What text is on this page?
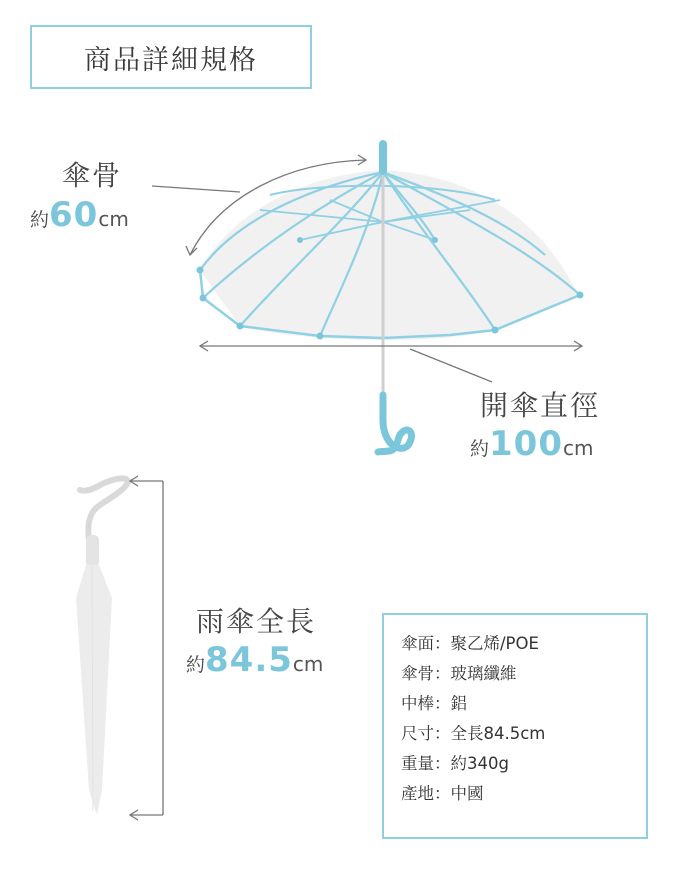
商品詳細規格
傘骨
約60cm
開傘直徑
約100cm
雨傘全長
約84.5cm
傘面：聚乙烯/POE
傘骨：玻璃纖維
中棒：鋁
尺寸：全長84.5cm
重量：約340g
產地：中國
